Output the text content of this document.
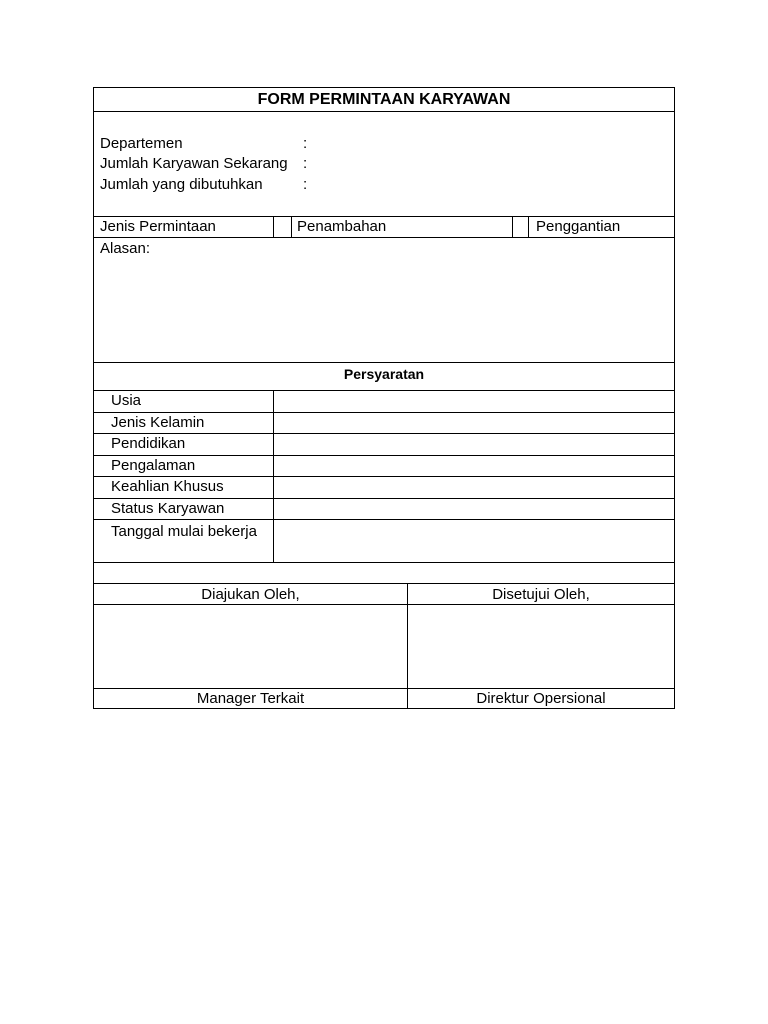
FORM PERMINTAAN KARYAWAN
Departemen	:
Jumlah Karyawan Sekarang :
Jumlah yang dibutuhkan	:
Jenis Permintaan	Penambahan	Penggantian
Alasan:
Persyaratan
Usia
Jenis Kelamin
Pendidikan
Pengalaman
Keahlian Khusus
Status Karyawan
Tanggal mulai bekerja
Diajukan Oleh,	Disetujui Oleh,
Manager Terkait	Direktur Opersional
